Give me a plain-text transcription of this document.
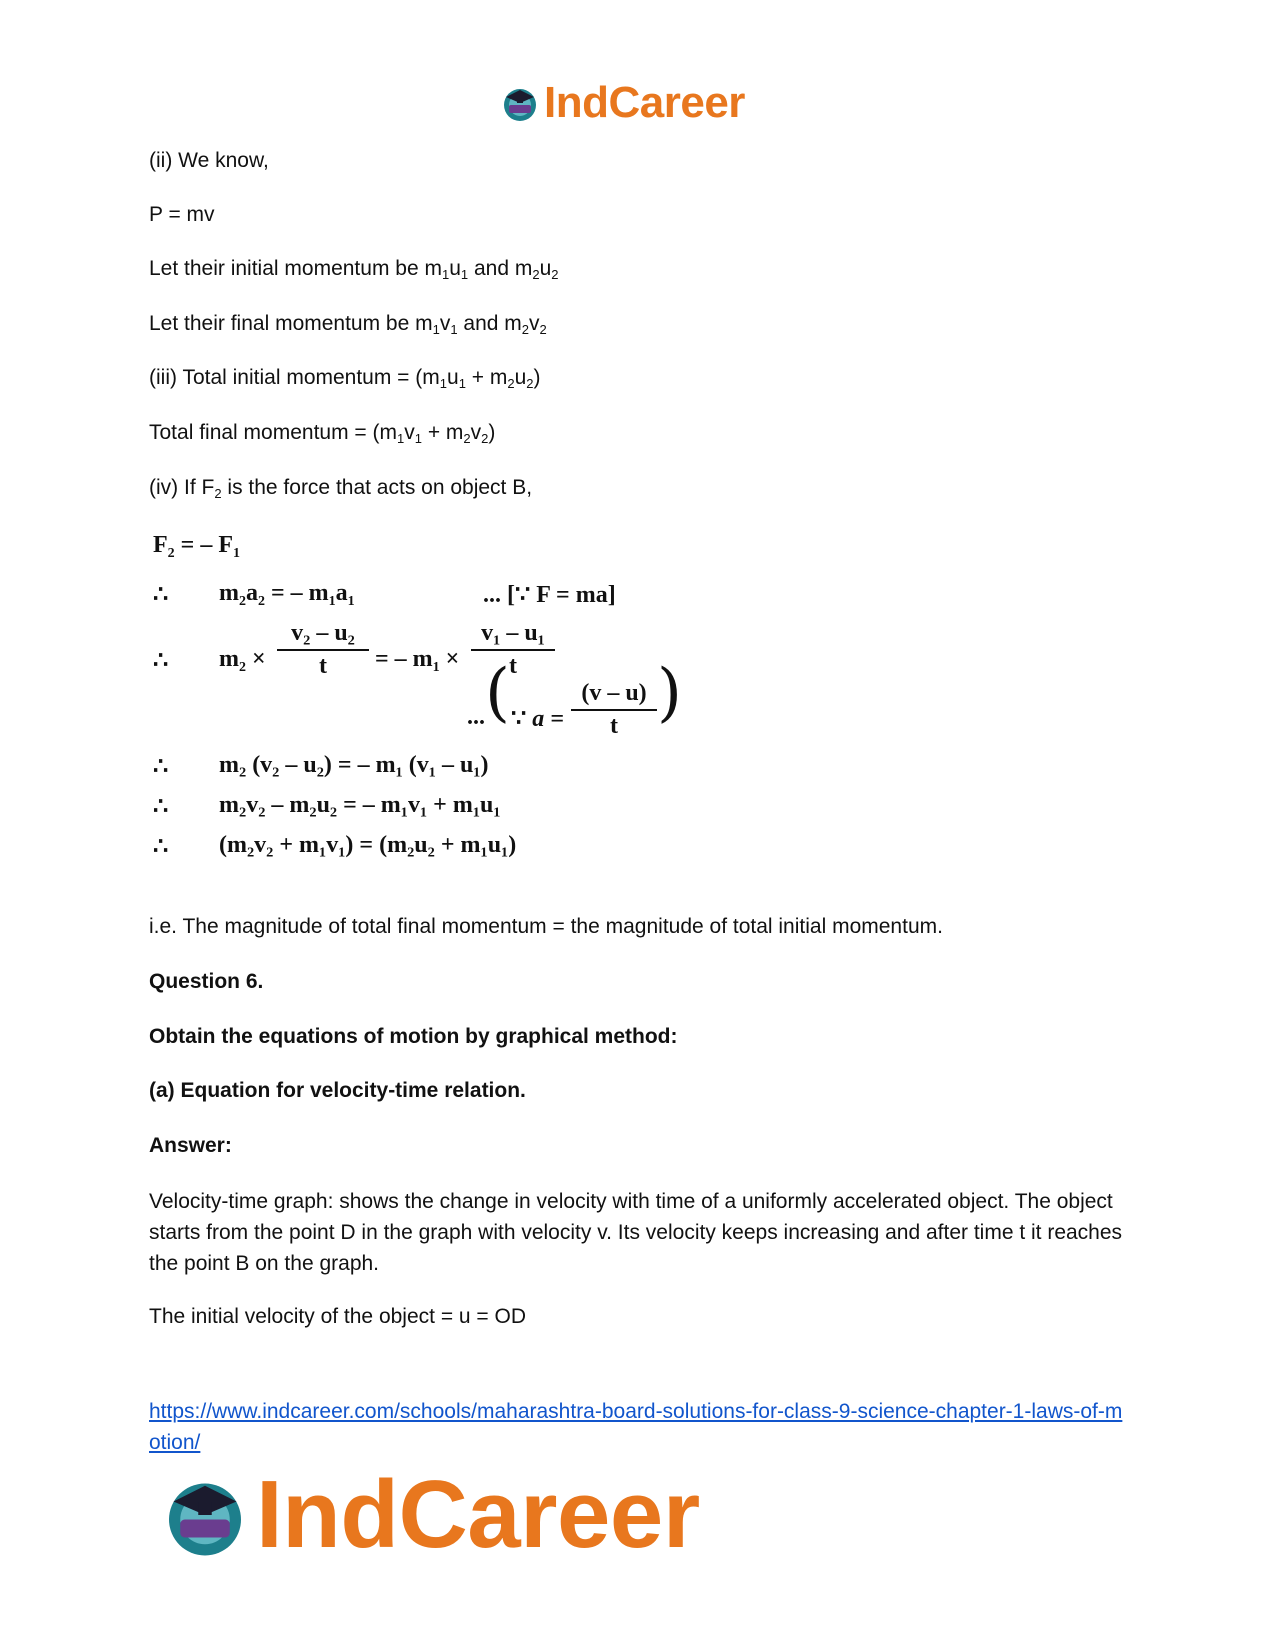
IndCareer
(ii) We know,
P = mv
Let their initial momentum be $m_1u_1$ and $m_2u_2$
Let their final momentum be $m_1v_1$ and $m_2v_2$
(iii) Total initial momentum = $(m_1u_1 + m_2u_2)$
Total final momentum = $(m_1v_1 + m_2v_2)$
(iv) If $F_2$ is the force that acts on object B,
$F_2$ = – $F_1$
∴ $m_2a_2$ = – $m_1a_1$	... [∵ F = ma]
∴ $m_2$ ×
v₂ – u₂
t	= – $m_1$ ×
v₁ – u₁
t
... ( ∵ a =
(v – u)
t )
∴ m₂ (v₂ – u₂) = – m₁ (v₁ – u₁)
∴ m₂v₂ – m₂u₂ = – m₁v₁ + m₁u₁
∴ (m₂v₂ + m₁v₁) = (m₂u₂ + m₁u₁)
i.e. The magnitude of total final momentum = the magnitude of total initial momentum.
Question 6.
Obtain the equations of motion by graphical method:
(a) Equation for velocity-time relation.
Answer:
Velocity-time graph: shows the change in velocity with time of a uniformly accelerated object. The object starts from the point D in the graph with velocity v. Its velocity keeps increasing and after time t it reaches the point B on the graph.
The initial velocity of the object = u = OD
https://www.indcareer.com/schools/maharashtra-board-solutions-for-class-9-science-chapter-1-laws-of-motion/
IndCareer
